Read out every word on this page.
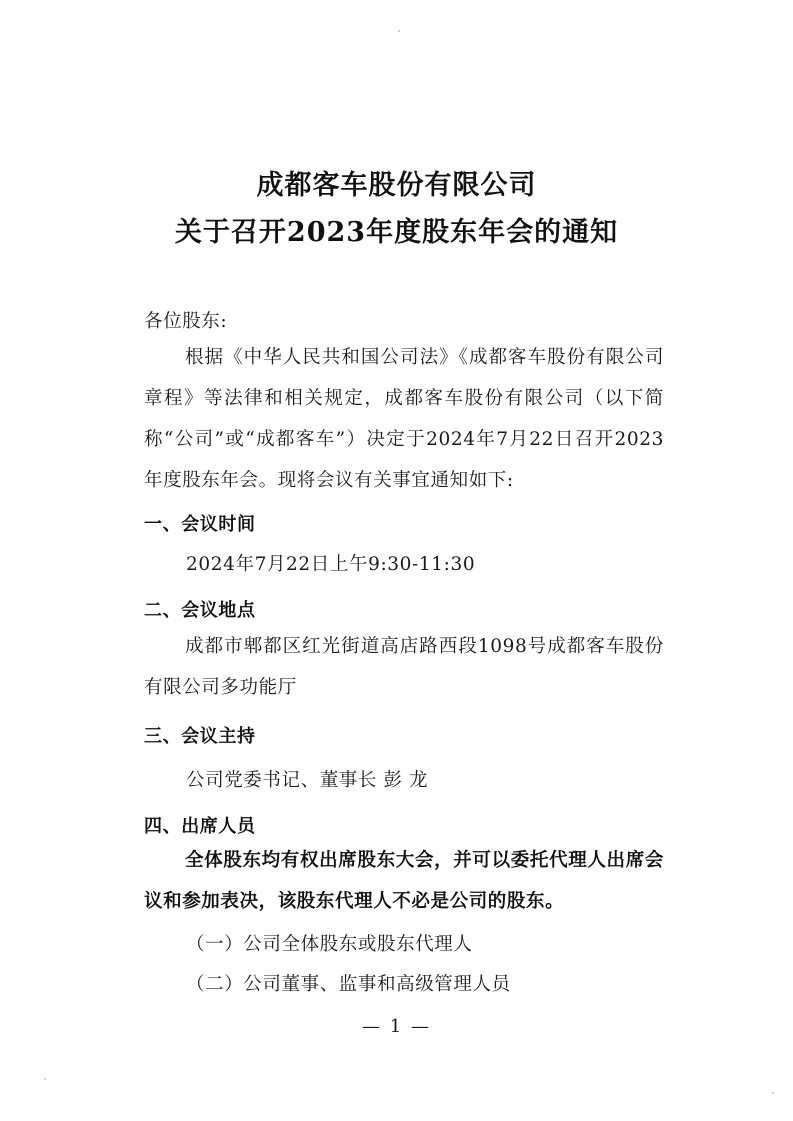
成都客车股份有限公司
关于召开2023年度股东年会的通知
各位股东:
根据《中华人民共和国公司法》《成都客车股份有限公司章程》等法律和相关规定，成都客车股份有限公司（以下简称“公司”或“成都客车”）决定于2024年7月22日召开2023年度股东年会。现将会议有关事宜通知如下:
一、会议时间
2024年7月22日上午9:30-11:30
二、会议地点
成都市郫都区红光街道高店路西段1098号成都客车股份有限公司多功能厅
三、会议主持
公司党委书记、董事长 彭 龙
四、出席人员
全体股东均有权出席股东大会，并可以委托代理人出席会议和参加表决，该股东代理人不必是公司的股东。
（一）公司全体股东或股东代理人
（二）公司董事、监事和高级管理人员
— 1 —
